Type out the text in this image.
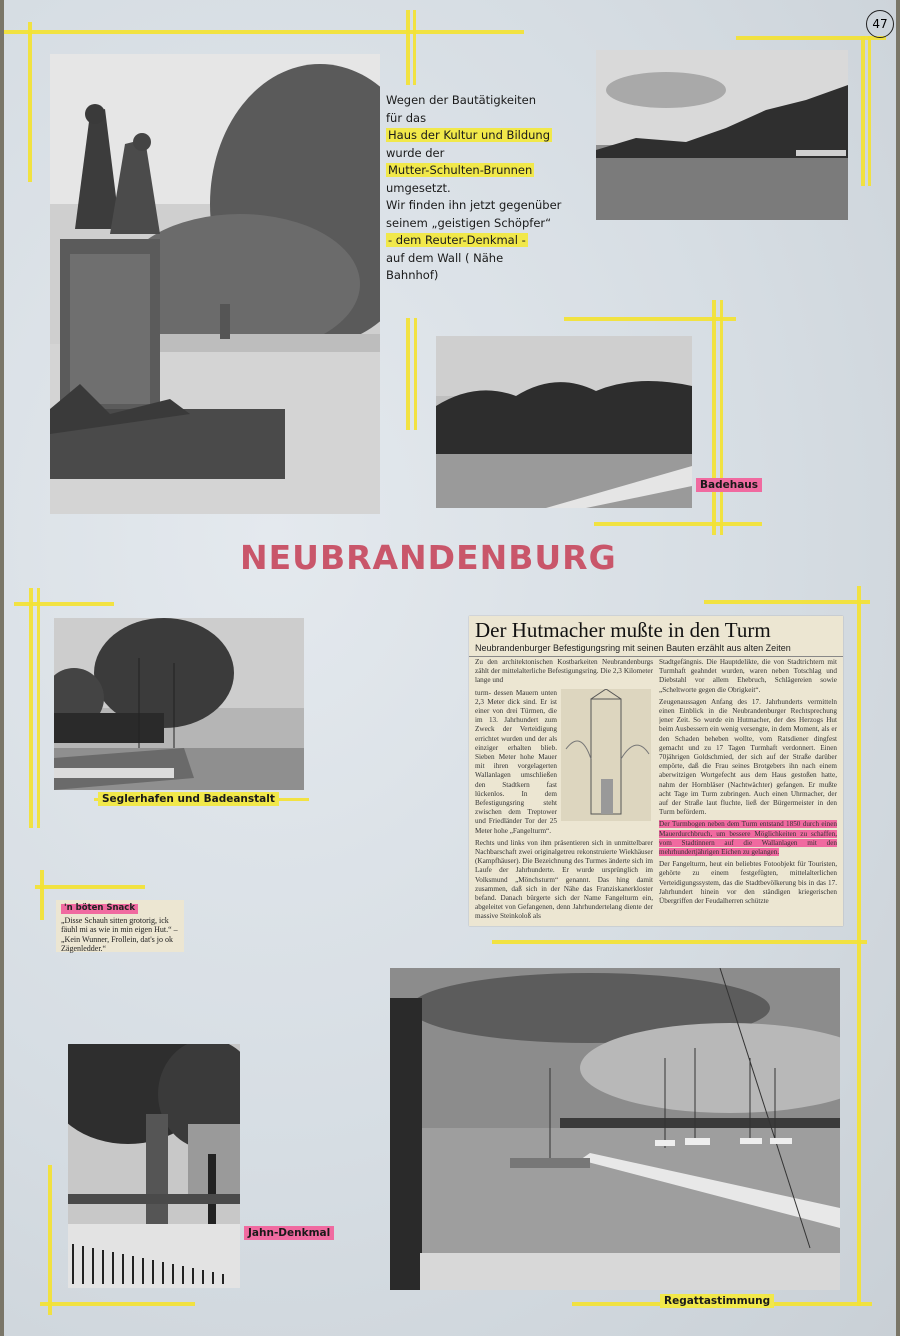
47
Wegen der Bautätigkeiten
für das
Haus der Kultur und Bildung
wurde der
Mutter-Schulten-Brunnen
umgesetzt.
Wir finden ihn jetzt gegenüber
seinem „geistigen Schöpfer“
- dem Reuter-Denkmal -
auf dem Wall ( Nähe
Bahnhof)
Badehaus
NEUBRANDENBURG
Seglerhafen und Badeanstalt
Der Hutmacher mußte in den Turm
Neubrandenburger Befestigungsring mit seinen Bauten erzählt aus alten Zeiten

Zu den architektonischen Kostbarkeiten Neubrandenburgs zählt der mittelalterliche Befestigungsring. Die 2,3 Kilometer lange und

turm- dessen Mauern unten 2,3 Meter dick sind. Er ist einer von drei Türmen, die im 13. Jahrhundert zum Zweck der Verteidigung errichtet wurden und der als einziger erhalten blieb. Sieben Meter hohe Mauer mit ihren vorgelagerten Wallanlagen umschließen den Stadtkern fast lückenlos. In dem Befestigungsring steht zwischen dem Treptower und Friedländer Tor der 25 Meter hohe „Fangelturm“.

Rechts und links von ihm präsentieren sich in unmittelbarer Nachbarschaft zwei originalgetreu rekonstruierte Wiekhäuser (Kampfhäuser). Die Bezeichnung des Turmes änderte sich im Laufe der Jahrhunderte. Er wurde ursprünglich im Volksmund „Mönchsturm“ genannt. Das hing damit zusammen, daß sich in der Nähe das Franziskanerkloster befand. Danach bürgerte sich der Name Fangelturm ein, abgeleitet von Gefangenen, denn Jahrhundertelang diente der massive Steinkoloß als

Stadtgefängnis. Die Hauptdelikte, die von Stadtrichtern mit Turmhaft geahndet wurden, waren neben Totschlag und Diebstahl vor allem Ehebruch, Schlägereien sowie „Scheltworte gegen die Obrigkeit“.

Zeugenaussagen Anfang des 17. Jahrhunderts vermitteln einen Einblick in die Neubrandenburger Rechtsprechung jener Zeit. So wurde ein Hutmacher, der des Herzogs Hut beim Ausbessern ein wenig versengte, in dem Moment, als er den Schaden beheben wollte, vom Ratsdiener dingfest gemacht und zu 17 Tagen Turmhaft verdonnert. Einen 70jährigen Goldschmied, der sich auf der Straße darüber empörte, daß die Frau seines Brotgebers ihn nach einem aberwitzigen Wortgefecht aus dem Haus gestoßen hatte, nahm der Hornbläser (Nachtwächter) gefangen. Er mußte acht Tage im Turm zubringen. Auch einen Uhrmacher, der auf der Straße laut fluchte, ließ der Bürgermeister in den Turm befördern.

Der Turmbogen neben dem Turm entstand 1850 durch einen Mauerdurchbruch, um bessere Möglichkeiten zu schaffen, vom Stadtinnern auf die Wallanlagen mit den mehrhundertjährigen Eichen zu gelangen.

Der Fangelturm, heut ein beliebtes Fotoobjekt für Touristen, gehörte zu einem festgefügten, mittelalterlichen Verteidigungssystem, das die Stadtbevölkerung bis in das 17. Jahrhundert hinein vor den ständigen kriegerischen Übergriffen der Feudalherren schützte

'n böten Snack
„Disse Schauh sitten grotorig, ick fäuhl mi as wie in min eigen Hut.“ – „Kein Wunner, Frollein, dat's jo ok Zägenledder.“
Jahn-Denkmal
Regattastimmung
